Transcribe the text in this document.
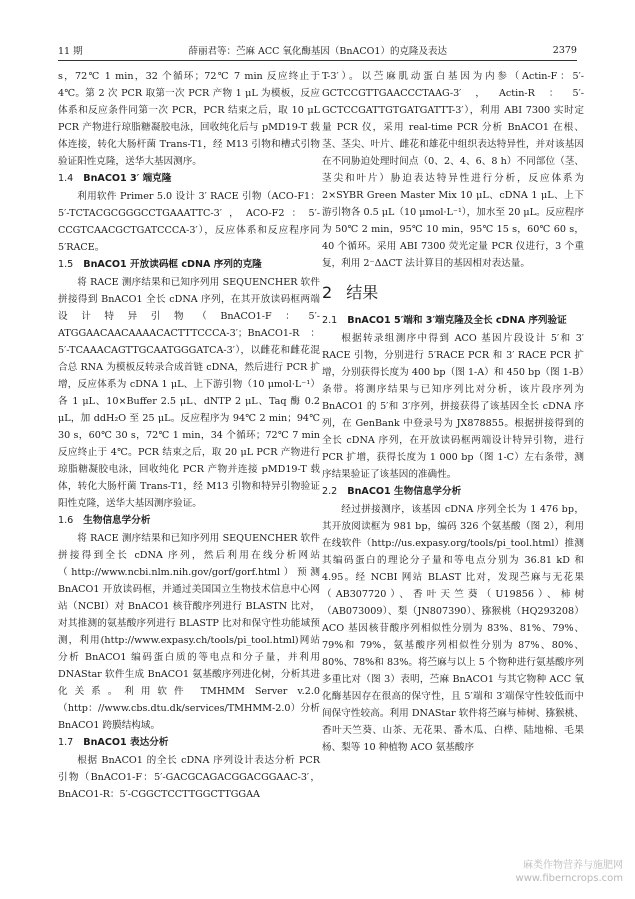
11 期	薛丽君等：苎麻 ACC 氧化酶基因（BnACO1）的克隆及表达	2379

s，72℃ 1 min，32 个循环；72℃ 7 min 反应终止于 4℃。第 2 次 PCR 取第一次 PCR 产物 1 μL 为模板，反应体系和反应条件同第一次 PCR，PCR 结束之后，取 10 μL PCR 产物进行琼脂糖凝胶电泳，回收纯化后与 pMD19-T 载体连接，转化大肠杆菌 Trans-T1，经 M13 引物和槽式引物验证阳性克隆，送华大基因测序。

1.4 BnACO1 3′ 端克隆

利用软件 Primer 5.0 设计 3′ RACE 引物（ACO-F1：5′-TCTACGCGGGCCTGAAATTC-3′，ACO-F2：5′-CCGTCAACGCTGATCCCA-3′），反应体系和反应程序同 5′RACE。

1.5 BnACO1 开放读码框 cDNA 序列的克隆

将 RACE 测序结果和已知序列用 SEQUENCHER 软件拼接得到 BnACO1 全长 cDNA 序列，在其开放读码框两端设计特异引物（BnACO1-F：5′-ATGGAACAACAAAACACTTTCCCA-3′；BnACO1-R：5′-TCAAACAGTTGCAATGGGATCA-3′），以雌花和雌花混合总 RNA 为模板反转录合成首链 cDNA，然后进行 PCR 扩增，反应体系为 cDNA 1 μL、上下游引物（10 μmol·L⁻¹）各 1 μL、10×Buffer 2.5 μL、dNTP 2 μL、Taq 酶 0.2 μL，加 ddH₂O 至 25 μL。反应程序为 94℃ 2 min；94℃ 30 s，60℃ 30 s，72℃ 1 min，34 个循环；72℃ 7 min 反应终止于 4℃。PCR 结束之后，取 20 μL PCR 产物进行琼脂糖凝胶电泳，回收纯化 PCR 产物并连接 pMD19-T 载体，转化大肠杆菌 Trans-T1，经 M13 引物和特异引物验证阳性克隆，送华大基因测序验证。

1.6 生物信息学分析

将 RACE 测序结果和已知序列用 SEQUENCHER 软件拼接得到全长 cDNA 序列，然后利用在线分析网站（http://www.ncbi.nlm.nih.gov/gorf/gorf.html）预测 BnACO1 开放读码框，并通过美国国立生物技术信息中心网站（NCBI）对 BnACO1 核苷酸序列进行 BLASTN 比对，对其推测的氨基酸序列进行 BLASTP 比对和保守性功能域预测，利用(http://www.expasy.ch/tools/pi_tool.html)网站分析 BnACO1 编码蛋白质的等电点和分子量，并利用 DNAStar 软件生成 BnACO1 氨基酸序列进化树，分析其进化关系。利用软件 TMHMM Server v.2.0（http：//www.cbs.dtu.dk/services/TMHMM-2.0）分析 BnACO1 跨膜结构域。

1.7 BnACO1 表达分析

根据 BnACO1 的全长 cDNA 序列设计表达分析 PCR 引物（BnACO1-F：5′-GACGCAGACGGACGGAAC-3′，BnACO1-R：5′-CGGCTCCTTGGCTTGGAA

T-3′）。以苎麻肌动蛋白基因为内参（Actin-F：5′-GCTCCGTTGAACCCTAAG-3′，Actin-R：5′-GCTCCGATTGTGATGATTT-3′），利用 ABI 7300 实时定量 PCR 仪，采用 real-time PCR 分析 BnACO1 在根、茎、茎尖、叶片、雌花和雄花中组织表达特异性，并对该基因在不同胁迫处理时间点（0、2、4、6、8 h）不同部位（茎、茎尖和叶片）胁迫表达特异性进行分析，反应体系为 2×SYBR Green Master Mix 10 μL、cDNA 1 μL、上下游引物各 0.5 μL（10 μmol·L⁻¹），加水至 20 μL。反应程序为 50℃ 2 min，95℃ 10 min，95℃ 15 s，60℃ 60 s，40 个循环。采用 ABI 7300 荧光定量 PCR 仪进行，3 个重复，利用 2⁻ΔΔCT 法计算目的基因相对表达量。

2 结果
2.1 BnACO1 5′端和 3′端克隆及全长 cDNA 序列验证

根据转录组测序中得到 ACO 基因片段设计 5′和 3′ RACE 引物，分别进行 5′RACE PCR 和 3′ RACE PCR 扩增，分别获得长度为 400 bp（图 1-A）和 450 bp（图 1-B）条带。将测序结果与已知序列比对分析，该片段序列为 BnACO1 的 5′和 3′序列，拼接获得了该基因全长 cDNA 序列，在 GenBank 中登录号为 JX878855。根据拼接得到的全长 cDNA 序列，在开放读码框两端设计特异引物，进行 PCR 扩增，获得长度为 1 000 bp（图 1-C）左右条带，测序结果验证了该基因的准确性。

2.2 BnACO1 生物信息学分析

经过拼接测序，该基因 cDNA 序列全长为 1 476 bp，其开放阅读框为 981 bp，编码 326 个氨基酸（图 2），利用在线软件（http://us.expasy.org/tools/pi_tool.html）推测其编码蛋白的理论分子量和等电点分别为 36.81 kD 和 4.95。经 NCBI 网站 BLAST 比对，发现苎麻与无花果（AB307720）、香叶天竺葵（U19856）、柿树（AB073009）、梨（JN807390）、猕猴桃（HQ293208）ACO 基因核苷酸序列相似性分别为 83%、81%、79%、79%和 79%，氨基酸序列相似性分别为 87%、80%、80%、78%和 83%。将苎麻与以上 5 个物种进行氨基酸序列多重比对（图 3）表明，苎麻 BnACO1 与其它物种 ACC 氧化酶基因存在很高的保守性，且 5′端和 3′端保守性较低而中间保守性较高。利用 DNAStar 软件将苎麻与柿树、猕猴桃、香叶天竺葵、山茶、无花果、番木瓜、白桦、陆地棉、毛果杨、梨等 10 种植物 ACO 氨基酸序

麻类作物营养与施肥网
www.fiberncrops.com
